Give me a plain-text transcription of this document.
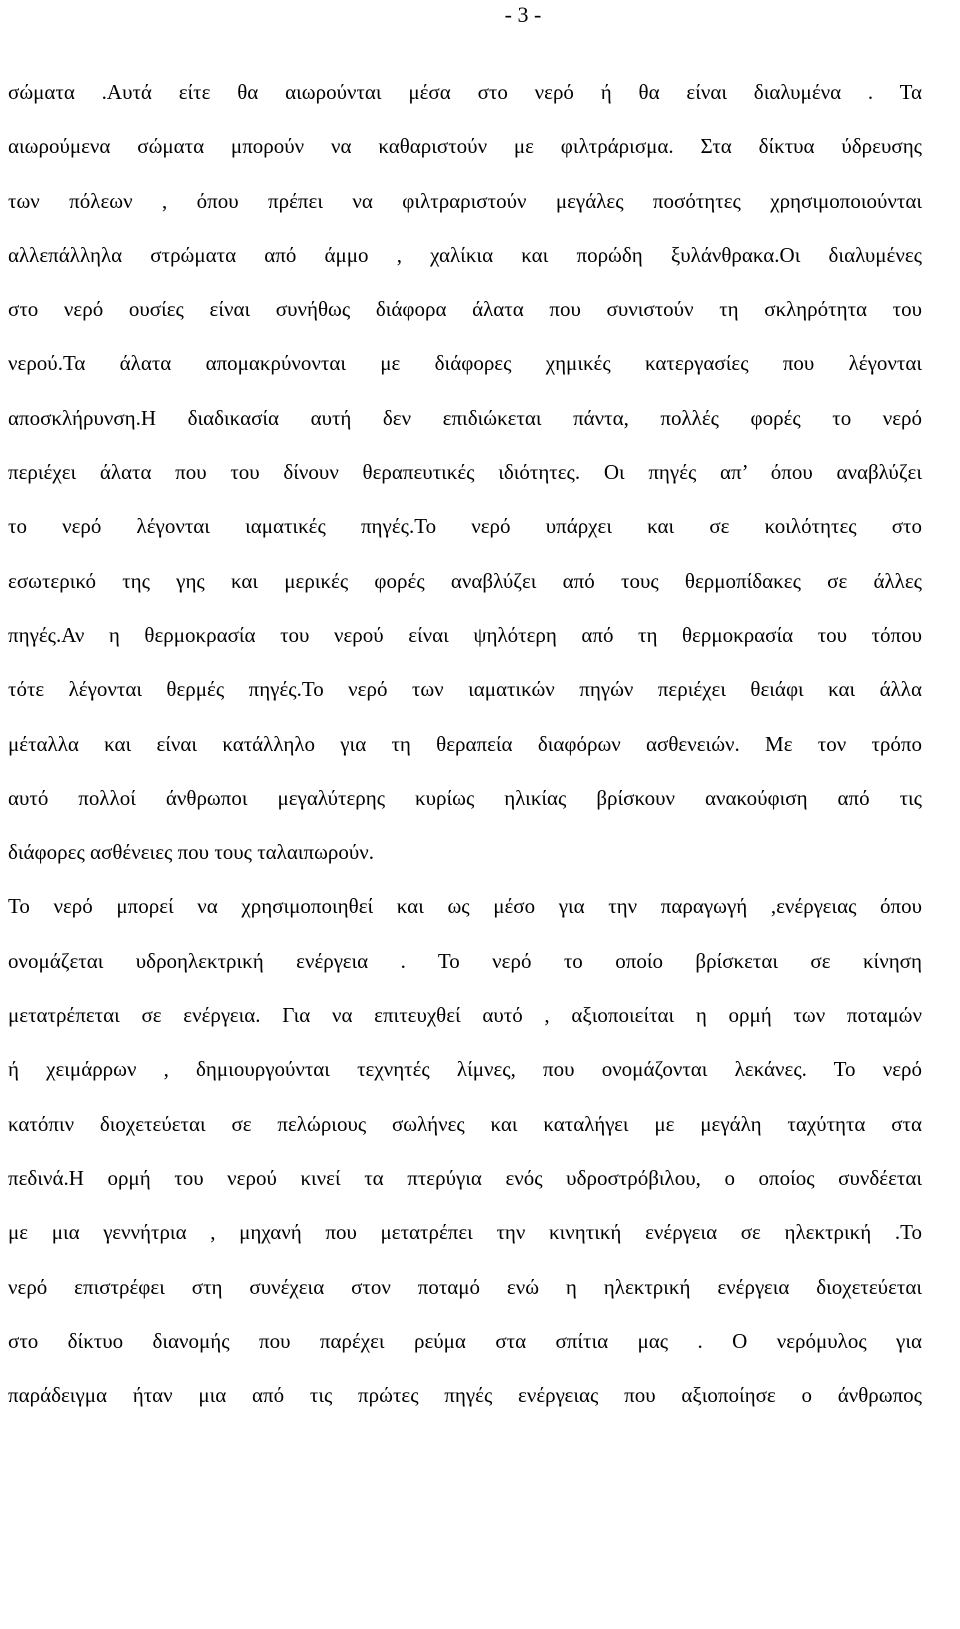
- 3 -
σώματα .Αυτά είτε θα αιωρούνται μέσα στο νερό ή θα είναι διαλυμένα . Τα
αιωρούμενα σώματα μπορούν να καθαριστούν με φιλτράρισμα. Στα δίκτυα ύδρευσης
των πόλεων , όπου πρέπει να φιλτραριστούν μεγάλες ποσότητες χρησιμοποιούνται
αλλεπάλληλα στρώματα από άμμο , χαλίκια και πορώδη ξυλάνθρακα.Οι διαλυμένες
στο νερό ουσίες είναι συνήθως διάφορα άλατα που συνιστούν τη σκληρότητα του
νερού.Τα άλατα απομακρύνονται με διάφορες χημικές κατεργασίες που λέγονται
αποσκλήρυνση.Η διαδικασία αυτή δεν επιδιώκεται πάντα, πολλές φορές το νερό
περιέχει άλατα που του δίνουν θεραπευτικές ιδιότητες. Οι πηγές απ’ όπου αναβλύζει
το νερό λέγονται ιαματικές πηγές.Το νερό υπάρχει και σε κοιλότητες στο
εσωτερικό της γης και μερικές φορές αναβλύζει από τους θερμοπίδακες σε άλλες
πηγές.Αν η θερμοκρασία του νερού είναι ψηλότερη από τη θερμοκρασία του τόπου
τότε λέγονται θερμές πηγές.Το νερό των ιαματικών πηγών περιέχει θειάφι και άλλα
μέταλλα και είναι κατάλληλο για τη θεραπεία διαφόρων ασθενειών. Με τον τρόπο
αυτό πολλοί άνθρωποι μεγαλύτερης κυρίως ηλικίας βρίσκουν ανακούφιση από τις
διάφορες ασθένειες που τους ταλαιπωρούν.
Το νερό μπορεί να χρησιμοποιηθεί και ως μέσο για την παραγωγή ,ενέργειας όπου
ονομάζεται υδροηλεκτρική ενέργεια . Το νερό το οποίο βρίσκεται σε κίνηση
μετατρέπεται σε ενέργεια. Για να επιτευχθεί αυτό , αξιοποιείται η ορμή των ποταμών
ή χειμάρρων , δημιουργούνται τεχνητές λίμνες, που ονομάζονται λεκάνες. Το νερό
κατόπιν διοχετεύεται σε πελώριους σωλήνες και καταλήγει με μεγάλη ταχύτητα στα
πεδινά.Η ορμή του νερού κινεί τα πτερύγια ενός υδροστρόβιλου, ο οποίος συνδέεται
με μια γεννήτρια , μηχανή που μετατρέπει την κινητική ενέργεια σε ηλεκτρική .Το
νερό επιστρέφει στη συνέχεια στον ποταμό ενώ η ηλεκτρική ενέργεια διοχετεύεται
στο δίκτυο διανομής που παρέχει ρεύμα στα σπίτια μας . Ο νερόμυλος για
παράδειγμα ήταν μια από τις πρώτες πηγές ενέργειας που αξιοποίησε ο άνθρωπος
